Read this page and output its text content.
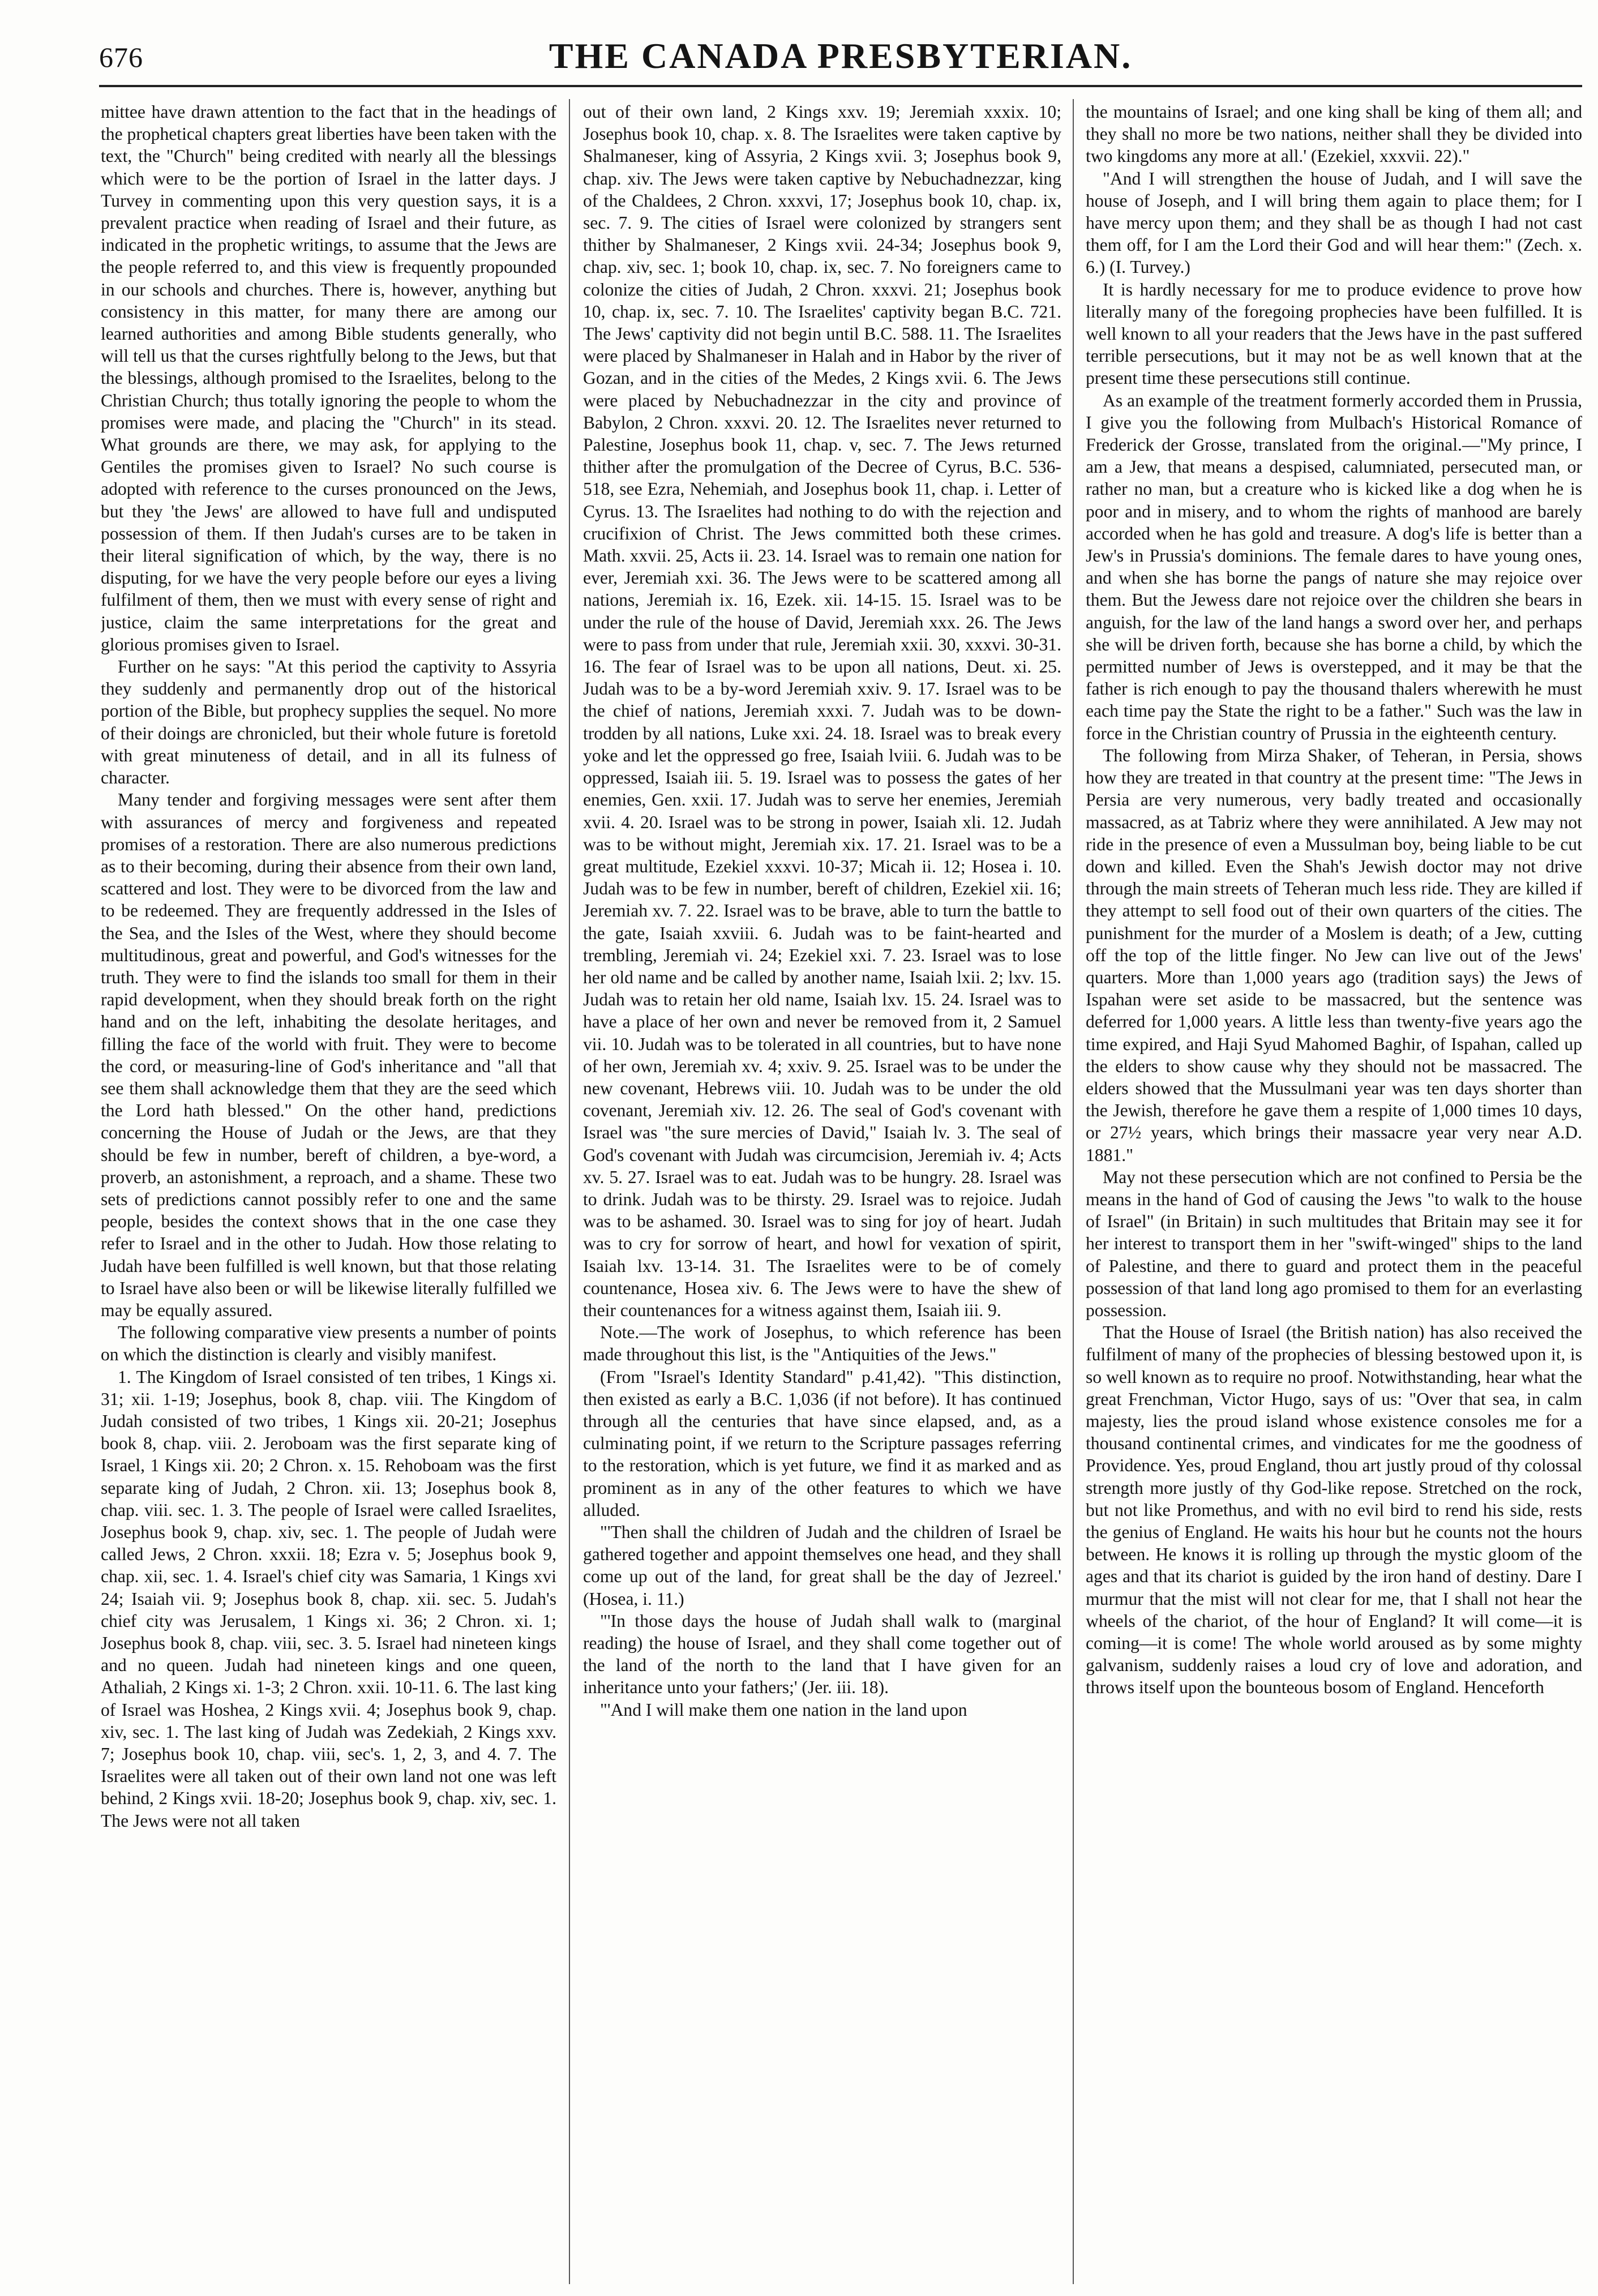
676	THE CANADA PRESBYTERIAN.

mittee have drawn attention to the fact that in the headings of the prophetical chapters great liberties have been taken with the text, the "Church" being credited with nearly all the blessings which were to be the portion of Israel in the latter days. J Turvey in commenting upon this very question says, it is a prevalent practice when reading of Israel and their future, as indicated in the prophetic writings, to assume that the Jews are the people referred to, and this view is frequently propounded in our schools and churches. There is, however, anything but consistency in this matter, for many there are among our learned authorities and among Bible students generally, who will tell us that the curses rightfully belong to the Jews, but that the blessings, although promised to the Israelites, belong to the Christian Church; thus totally ignoring the people to whom the promises were made, and placing the "Church" in its stead. What grounds are there, we may ask, for applying to the Gentiles the promises given to Israel? No such course is adopted with reference to the curses pronounced on the Jews, but they 'the Jews' are allowed to have full and undisputed possession of them. If then Judah's curses are to be taken in their literal signification of which, by the way, there is no disputing, for we have the very people before our eyes a living fulfilment of them, then we must with every sense of right and justice, claim the same interpretations for the great and glorious promises given to Israel.

Further on he says: "At this period the captivity to Assyria they suddenly and permanently drop out of the historical portion of the Bible, but prophecy supplies the sequel. No more of their doings are chronicled, but their whole future is foretold with great minuteness of detail, and in all its fulness of character.

Many tender and forgiving messages were sent after them with assurances of mercy and forgiveness and repeated promises of a restoration. There are also numerous predictions as to their becoming, during their absence from their own land, scattered and lost. They were to be divorced from the law and to be redeemed. They are frequently addressed in the Isles of the Sea, and the Isles of the West, where they should become multitudinous, great and powerful, and God's witnesses for the truth. They were to find the islands too small for them in their rapid development, when they should break forth on the right hand and on the left, inhabiting the desolate heritages, and filling the face of the world with fruit. They were to become the cord, or measuring-line of God's inheritance and "all that see them shall acknowledge them that they are the seed which the Lord hath blessed." On the other hand, predictions concerning the House of Judah or the Jews, are that they should be few in number, bereft of children, a bye-word, a proverb, an astonishment, a reproach, and a shame. These two sets of predictions cannot possibly refer to one and the same people, besides the context shows that in the one case they refer to Israel and in the other to Judah. How those relating to Judah have been fulfilled is well known, but that those relating to Israel have also been or will be likewise literally fulfilled we may be equally assured.

The following comparative view presents a number of points on which the distinction is clearly and visibly manifest.

1. The Kingdom of Israel consisted of ten tribes, 1 Kings xi. 31; xii. 1-19; Josephus, book 8, chap. viii. The Kingdom of Judah consisted of two tribes, 1 Kings xii. 20-21; Josephus book 8, chap. viii. 2. Jeroboam was the first separate king of Israel, 1 Kings xii. 20; 2 Chron. x. 15. Rehoboam was the first separate king of Judah, 2 Chron. xii. 13; Josephus book 8, chap. viii. sec. 1. 3. The people of Israel were called Israelites, Josephus book 9, chap. xiv, sec. 1. The people of Judah were called Jews, 2 Chron. xxxii. 18; Ezra v. 5; Josephus book 9, chap. xii, sec. 1. 4. Israel's chief city was Samaria, 1 Kings xvi 24; Isaiah vii. 9; Josephus book 8, chap. xii. sec. 5. Judah's chief city was Jerusalem, 1 Kings xi. 36; 2 Chron. xi. 1; Josephus book 8, chap. viii, sec. 3. 5. Israel had nineteen kings and no queen. Judah had nineteen kings and one queen, Athaliah, 2 Kings xi. 1-3; 2 Chron. xxii. 10-11. 6. The last king of Israel was Hoshea, 2 Kings xvii. 4; Josephus book 9, chap. xiv, sec. 1. The last king of Judah was Zedekiah, 2 Kings xxv. 7; Josephus book 10, chap. viii, sec's. 1, 2, 3, and 4. 7. The Israelites were all taken out of their own land not one was left behind, 2 Kings xvii. 18-20; Josephus book 9, chap. xiv, sec. 1. The Jews were not all taken

out of their own land, 2 Kings xxv. 19; Jeremiah xxxix. 10; Josephus book 10, chap. x. 8. The Israelites were taken captive by Shalmaneser, king of Assyria, 2 Kings xvii. 3; Josephus book 9, chap. xiv. The Jews were taken captive by Nebuchadnezzar, king of the Chaldees, 2 Chron. xxxvi, 17; Josephus book 10, chap. ix, sec. 7. 9. The cities of Israel were colonized by strangers sent thither by Shalmaneser, 2 Kings xvii. 24-34; Josephus book 9, chap. xiv, sec. 1; book 10, chap. ix, sec. 7. No foreigners came to colonize the cities of Judah, 2 Chron. xxxvi. 21; Josephus book 10, chap. ix, sec. 7. 10. The Israelites' captivity began B.C. 721. The Jews' captivity did not begin until B.C. 588. 11. The Israelites were placed by Shalmaneser in Halah and in Habor by the river of Gozan, and in the cities of the Medes, 2 Kings xvii. 6. The Jews were placed by Nebuchadnezzar in the city and province of Babylon, 2 Chron. xxxvi. 20. 12. The Israelites never returned to Palestine, Josephus book 11, chap. v, sec. 7. The Jews returned thither after the promulgation of the Decree of Cyrus, B.C. 536-518, see Ezra, Nehemiah, and Josephus book 11, chap. i. Letter of Cyrus. 13. The Israelites had nothing to do with the rejection and crucifixion of Christ. The Jews committed both these crimes. Math. xxvii. 25, Acts ii. 23. 14. Israel was to remain one nation for ever, Jeremiah xxi. 36. The Jews were to be scattered among all nations, Jeremiah ix. 16, Ezek. xii. 14-15. 15. Israel was to be under the rule of the house of David, Jeremiah xxx. 26. The Jews were to pass from under that rule, Jeremiah xxii. 30, xxxvi. 30-31. 16. The fear of Israel was to be upon all nations, Deut. xi. 25. Judah was to be a by-word Jeremiah xxiv. 9. 17. Israel was to be the chief of nations, Jeremiah xxxi. 7. Judah was to be down-trodden by all nations, Luke xxi. 24. 18. Israel was to break every yoke and let the oppressed go free, Isaiah lviii. 6. Judah was to be oppressed, Isaiah iii. 5. 19. Israel was to possess the gates of her enemies, Gen. xxii. 17. Judah was to serve her enemies, Jeremiah xvii. 4. 20. Israel was to be strong in power, Isaiah xli. 12. Judah was to be without might, Jeremiah xix. 17. 21. Israel was to be a great multitude, Ezekiel xxxvi. 10-37; Micah ii. 12; Hosea i. 10. Judah was to be few in number, bereft of children, Ezekiel xii. 16; Jeremiah xv. 7. 22. Israel was to be brave, able to turn the battle to the gate, Isaiah xxviii. 6. Judah was to be faint-hearted and trembling, Jeremiah vi. 24; Ezekiel xxi. 7. 23. Israel was to lose her old name and be called by another name, Isaiah lxii. 2; lxv. 15. Judah was to retain her old name, Isaiah lxv. 15. 24. Israel was to have a place of her own and never be removed from it, 2 Samuel vii. 10. Judah was to be tolerated in all countries, but to have none of her own, Jeremiah xv. 4; xxiv. 9. 25. Israel was to be under the new covenant, Hebrews viii. 10. Judah was to be under the old covenant, Jeremiah xiv. 12. 26. The seal of God's covenant with Israel was "the sure mercies of David," Isaiah lv. 3. The seal of God's covenant with Judah was circumcision, Jeremiah iv. 4; Acts xv. 5. 27. Israel was to eat. Judah was to be hungry. 28. Israel was to drink. Judah was to be thirsty. 29. Israel was to rejoice. Judah was to be ashamed. 30. Israel was to sing for joy of heart. Judah was to cry for sorrow of heart, and howl for vexation of spirit, Isaiah lxv. 13-14. 31. The Israelites were to be of comely countenance, Hosea xiv. 6. The Jews were to have the shew of their countenances for a witness against them, Isaiah iii. 9.

Note.—The work of Josephus, to which reference has been made throughout this list, is the "Antiquities of the Jews."

(From "Israel's Identity Standard" p.41,42). "This distinction, then existed as early a B.C. 1,036 (if not before). It has continued through all the centuries that have since elapsed, and, as a culminating point, if we return to the Scripture passages referring to the restoration, which is yet future, we find it as marked and as prominent as in any of the other features to which we have alluded.

"'Then shall the children of Judah and the children of Israel be gathered together and appoint themselves one head, and they shall come up out of the land, for great shall be the day of Jezreel.' (Hosea, i. 11.)

"'In those days the house of Judah shall walk to (marginal reading) the house of Israel, and they shall come together out of the land of the north to the land that I have given for an inheritance unto your fathers;' (Jer. iii. 18).

"'And I will make them one nation in the land upon

the mountains of Israel; and one king shall be king of them all; and they shall no more be two nations, neither shall they be divided into two kingdoms any more at all.' (Ezekiel, xxxvii. 22)."

"And I will strengthen the house of Judah, and I will save the house of Joseph, and I will bring them again to place them; for I have mercy upon them; and they shall be as though I had not cast them off, for I am the Lord their God and will hear them:" (Zech. x. 6.) (I. Turvey.)

It is hardly necessary for me to produce evidence to prove how literally many of the foregoing prophecies have been fulfilled. It is well known to all your readers that the Jews have in the past suffered terrible persecutions, but it may not be as well known that at the present time these persecutions still continue.

As an example of the treatment formerly accorded them in Prussia, I give you the following from Mulbach's Historical Romance of Frederick der Grosse, translated from the original.—"My prince, I am a Jew, that means a despised, calumniated, persecuted man, or rather no man, but a creature who is kicked like a dog when he is poor and in misery, and to whom the rights of manhood are barely accorded when he has gold and treasure. A dog's life is better than a Jew's in Prussia's dominions. The female dares to have young ones, and when she has borne the pangs of nature she may rejoice over them. But the Jewess dare not rejoice over the children she bears in anguish, for the law of the land hangs a sword over her, and perhaps she will be driven forth, because she has borne a child, by which the permitted number of Jews is overstepped, and it may be that the father is rich enough to pay the thousand thalers wherewith he must each time pay the State the right to be a father." Such was the law in force in the Christian country of Prussia in the eighteenth century.

The following from Mirza Shaker, of Teheran, in Persia, shows how they are treated in that country at the present time: "The Jews in Persia are very numerous, very badly treated and occasionally massacred, as at Tabriz where they were annihilated. A Jew may not ride in the presence of even a Mussulman boy, being liable to be cut down and killed. Even the Shah's Jewish doctor may not drive through the main streets of Teheran much less ride. They are killed if they attempt to sell food out of their own quarters of the cities. The punishment for the murder of a Moslem is death; of a Jew, cutting off the top of the little finger. No Jew can live out of the Jews' quarters. More than 1,000 years ago (tradition says) the Jews of Ispahan were set aside to be massacred, but the sentence was deferred for 1,000 years. A little less than twenty-five years ago the time expired, and Haji Syud Mahomed Baghir, of Ispahan, called up the elders to show cause why they should not be massacred. The elders showed that the Mussulmani year was ten days shorter than the Jewish, therefore he gave them a respite of 1,000 times 10 days, or 27½ years, which brings their massacre year very near A.D. 1881."

May not these persecution which are not confined to Persia be the means in the hand of God of causing the Jews "to walk to the house of Israel" (in Britain) in such multitudes that Britain may see it for her interest to transport them in her "swift-winged" ships to the land of Palestine, and there to guard and protect them in the peaceful possession of that land long ago promised to them for an everlasting possession.

That the House of Israel (the British nation) has also received the fulfilment of many of the prophecies of blessing bestowed upon it, is so well known as to require no proof. Notwithstanding, hear what the great Frenchman, Victor Hugo, says of us: "Over that sea, in calm majesty, lies the proud island whose existence consoles me for a thousand continental crimes, and vindicates for me the goodness of Providence. Yes, proud England, thou art justly proud of thy colossal strength more justly of thy God-like repose. Stretched on the rock, but not like Promethus, and with no evil bird to rend his side, rests the genius of England. He waits his hour but he counts not the hours between. He knows it is rolling up through the mystic gloom of the ages and that its chariot is guided by the iron hand of destiny. Dare I murmur that the mist will not clear for me, that I shall not hear the wheels of the chariot, of the hour of England? It will come—it is coming—it is come! The whole world aroused as by some mighty galvanism, suddenly raises a loud cry of love and adoration, and throws itself upon the bounteous bosom of England. Henceforth
